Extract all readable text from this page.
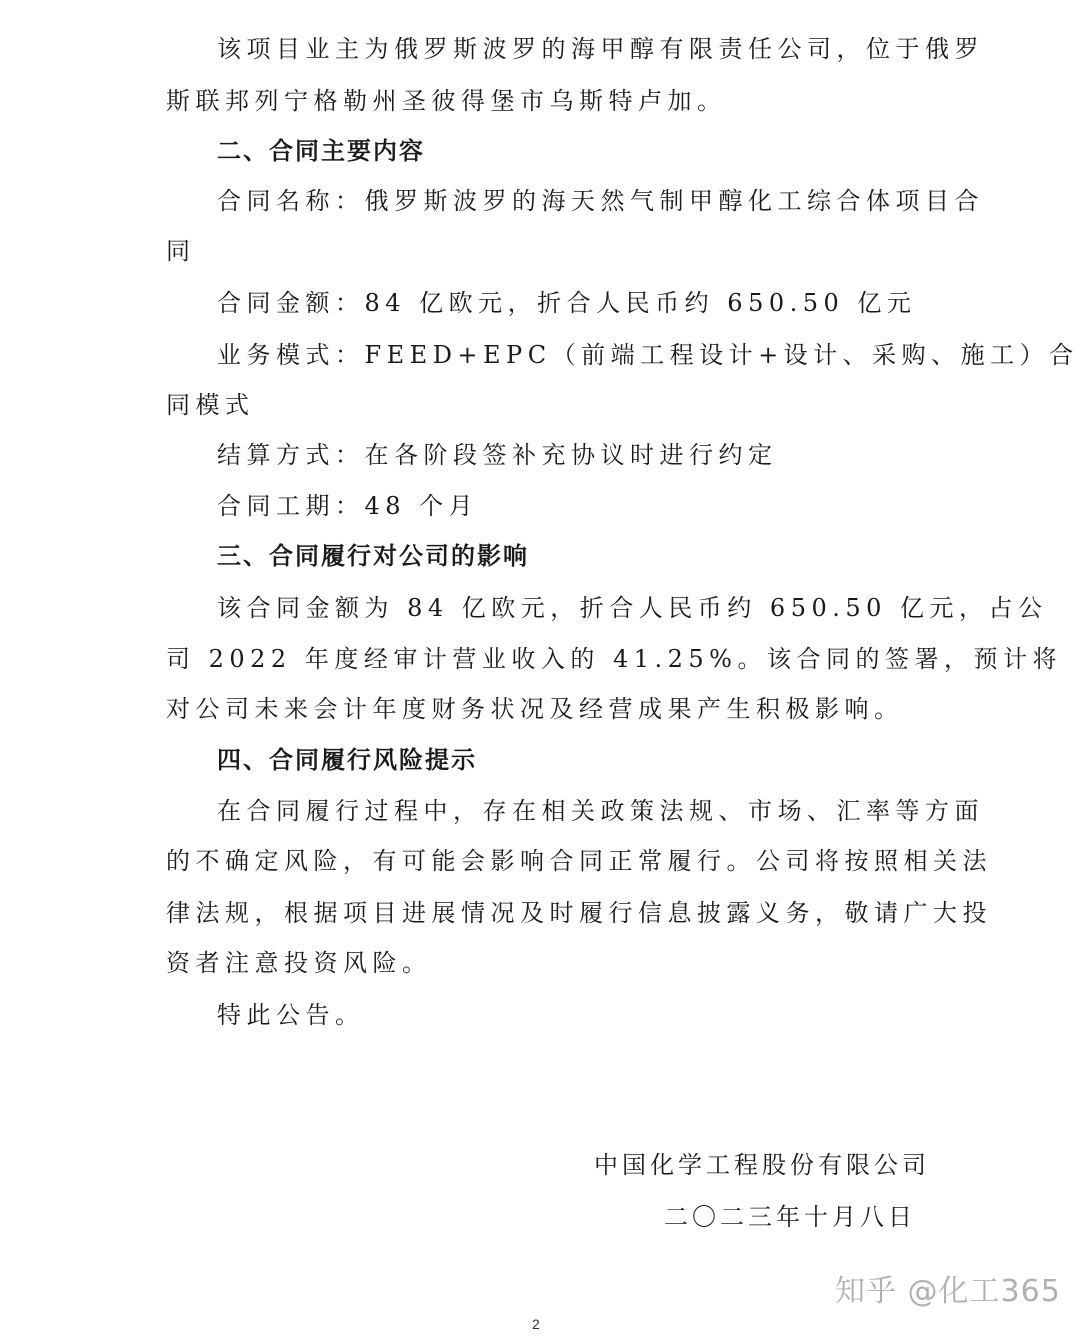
该项目业主为俄罗斯波罗的海甲醇有限责任公司，位于俄罗
斯联邦列宁格勒州圣彼得堡市乌斯特卢加。
二、合同主要内容
合同名称：俄罗斯波罗的海天然气制甲醇化工综合体项目合
同
合同金额：84 亿欧元，折合人民币约 650.50 亿元
业务模式：FEED+EPC（前端工程设计+设计、采购、施工）合
同模式
结算方式：在各阶段签补充协议时进行约定
合同工期：48 个月
三、合同履行对公司的影响
该合同金额为 84 亿欧元，折合人民币约 650.50 亿元，占公
司 2022 年度经审计营业收入的 41.25%。该合同的签署，预计将
对公司未来会计年度财务状况及经营成果产生积极影响。
四、合同履行风险提示
在合同履行过程中，存在相关政策法规、市场、汇率等方面
的不确定风险，有可能会影响合同正常履行。公司将按照相关法
律法规，根据项目进展情况及时履行信息披露义务，敬请广大投
资者注意投资风险。
特此公告。
中国化学工程股份有限公司
二〇二三年十月八日
知乎 @化工365
2
